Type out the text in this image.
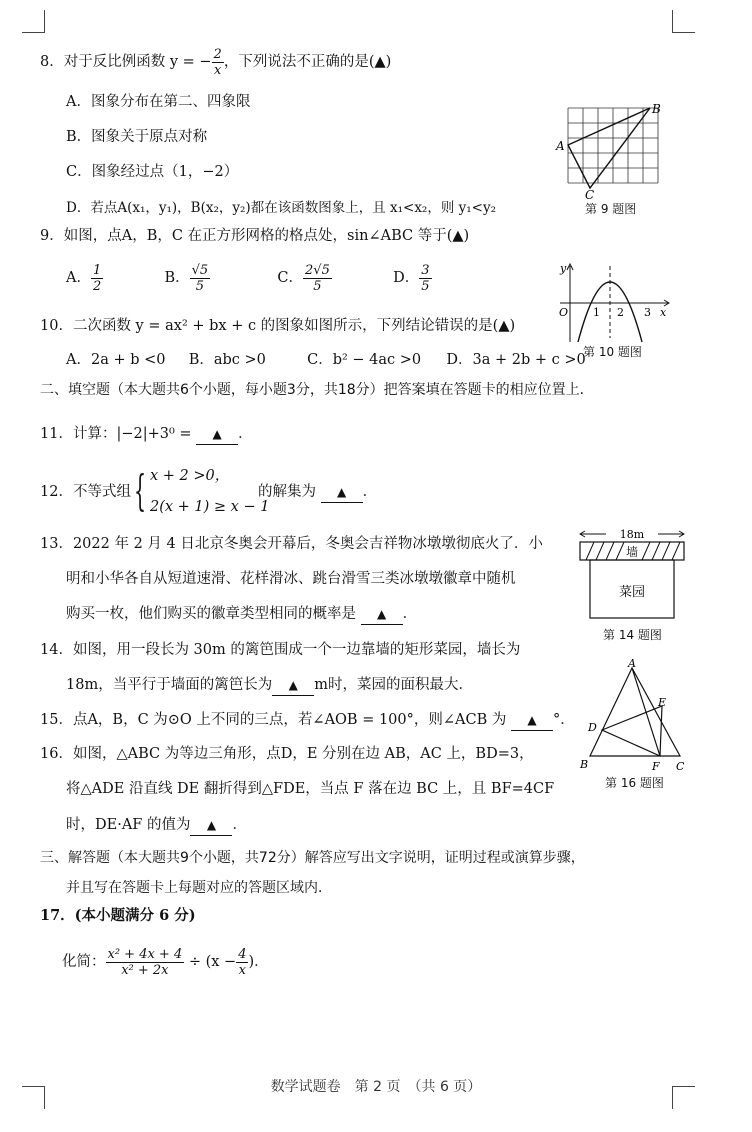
8．对于反比例函数 y = − $\frac{2}{x}$ ，下列说法不正确的是(▲)
A．图象分布在第二、四象限
B．图象关于原点对称
C．图象经过点（1，−2）
D．若点A(x₁，y₁)，B(x₂，y₂)都在该函数图象上，且 x₁<x₂，则 y₁<y₂
A
B
C
第 9 题图
9．如图，点A，B，C 在正方形网格的格点处，sin∠ABC 等于(▲)
A． $\frac{1}{2}$	B． $\frac{√5}{5}$	C． $\frac{2√5}{5}$	D． $\frac{3}{5}$	y
O 1 2 3 x
第 10 题图
10．二次函数 y = ax² + bx + c 的图象如图所示，下列结论错误的是(▲)
A．2a + b <0 B．abc >0	C．b² − 4ac >0 D．3a + 2b + c >0
二、填空题（本大题共6个小题，每小题3分，共18分）把答案填在答题卡的相应位置上．
11．计算：|−2|+3⁰ = ▲ ．
12．不等式组 { x + 2 >0，
2(x + 1) ≥ x − 1
的解集为 ▲ ．
13．2022 年 2 月 4 日北京冬奥会开幕后，冬奥会吉祥物冰墩墩彻底火了．小
明和小华各自从短道速滑、花样滑冰、跳台滑雪三类冰墩墩徽章中随机
购买一枚，他们购买的徽章类型相同的概率是 ▲ ．
18m
墙
菜园
第 14 题图
14．如图，用一段长为 30m 的篱笆围成一个一边靠墙的矩形菜园，墙长为
18m，当平行于墙面的篱笆长为 ▲ m时，菜园的面积最大．
A
B	C
D
E
F
第 16 题图
15．点A，B，C 为⊙O 上不同的三点，若∠AOB = 100°，则∠ACB 为 ▲ °．
16．如图，△ABC 为等边三角形，点D，E 分别在边 AB，AC 上，BD=3，
将△ADE 沿直线 DE 翻折得到△FDE，当点 F 落在边 BC 上，且 BF=4CF
时，DE·AF 的值为 ▲ ．
三、解答题（本大题共9个小题，共72分）解答应写出文字说明，证明过程或演算步骤，
并且写在答题卡上每题对应的答题区域内．
17．(本小题满分 6 分)
化简： $\frac{\text{x² + 4x + 4}}{\text{x² + 2x}} \div (x - \frac{4}{x}$ )．
数学试题卷　第 2 页　（共 6 页）
